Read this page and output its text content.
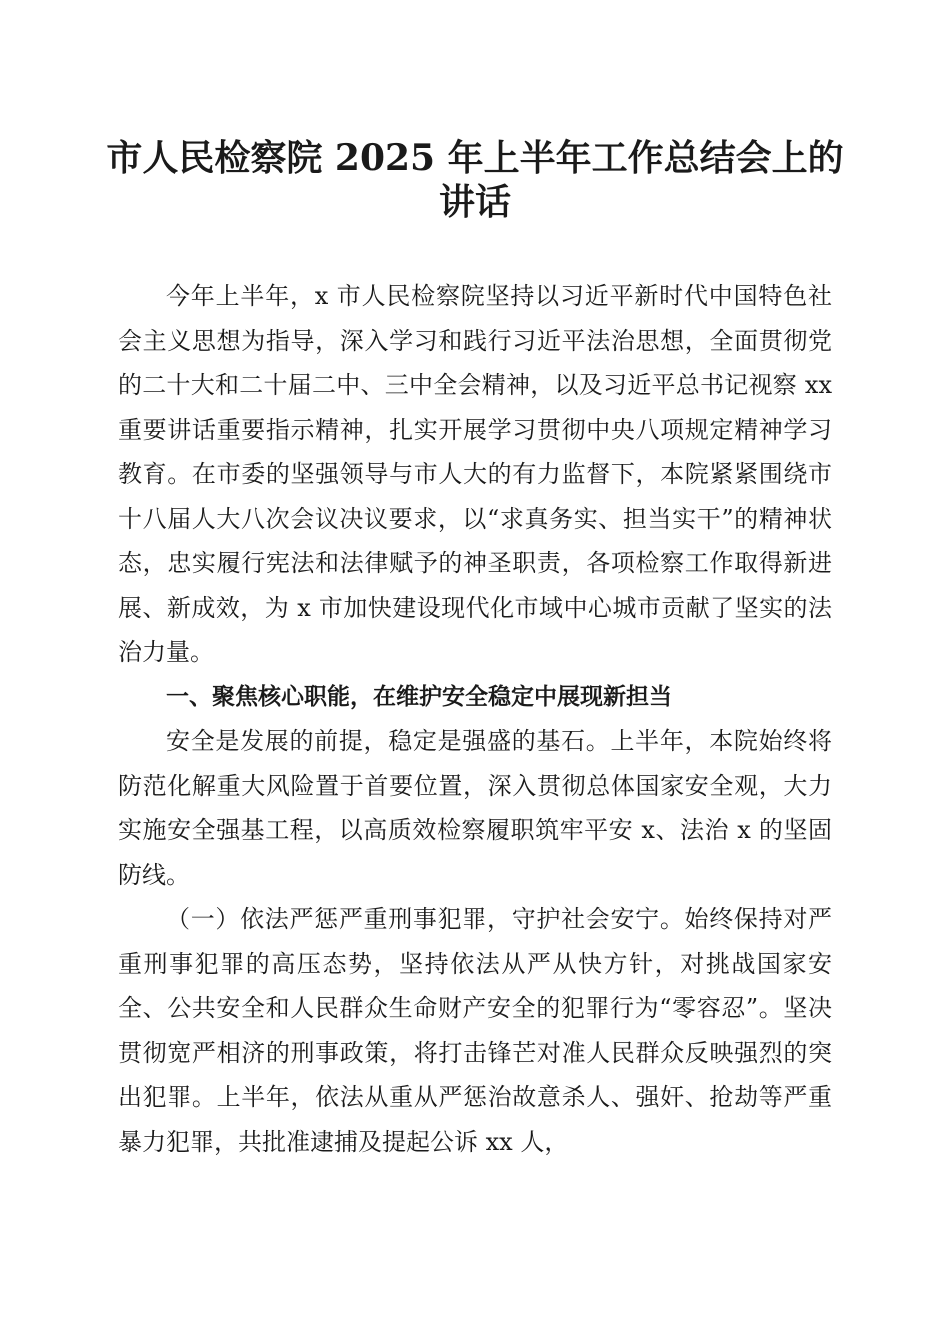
市人民检察院 2025 年上半年工作总结会上的
讲话

今年上半年，x 市人民检察院坚持以习近平新时代中国特色社会主义思想为指导，深入学习和践行习近平法治思想，全面贯彻党的二十大和二十届二中、三中全会精神，以及习近平总书记视察 xx 重要讲话重要指示精神，扎实开展学习贯彻中央八项规定精神学习教育。在市委的坚强领导与市人大的有力监督下，本院紧紧围绕市十八届人大八次会议决议要求，以“求真务实、担当实干”的精神状态，忠实履行宪法和法律赋予的神圣职责，各项检察工作取得新进展、新成效，为 x 市加快建设现代化市域中心城市贡献了坚实的法治力量。

一、聚焦核心职能，在维护安全稳定中展现新担当

安全是发展的前提，稳定是强盛的基石。上半年，本院始终将防范化解重大风险置于首要位置，深入贯彻总体国家安全观，大力实施安全强基工程，以高质效检察履职筑牢平安 x、法治 x 的坚固防线。

（一）依法严惩严重刑事犯罪，守护社会安宁。始终保持对严重刑事犯罪的高压态势，坚持依法从严从快方针，对挑战国家安全、公共安全和人民群众生命财产安全的犯罪行为“零容忍”。坚决贯彻宽严相济的刑事政策，将打击锋芒对准人民群众反映强烈的突出犯罪。上半年，依法从重从严惩治故意杀人、强奸、抢劫等严重暴力犯罪，共批准逮捕及提起公诉 xx 人，
